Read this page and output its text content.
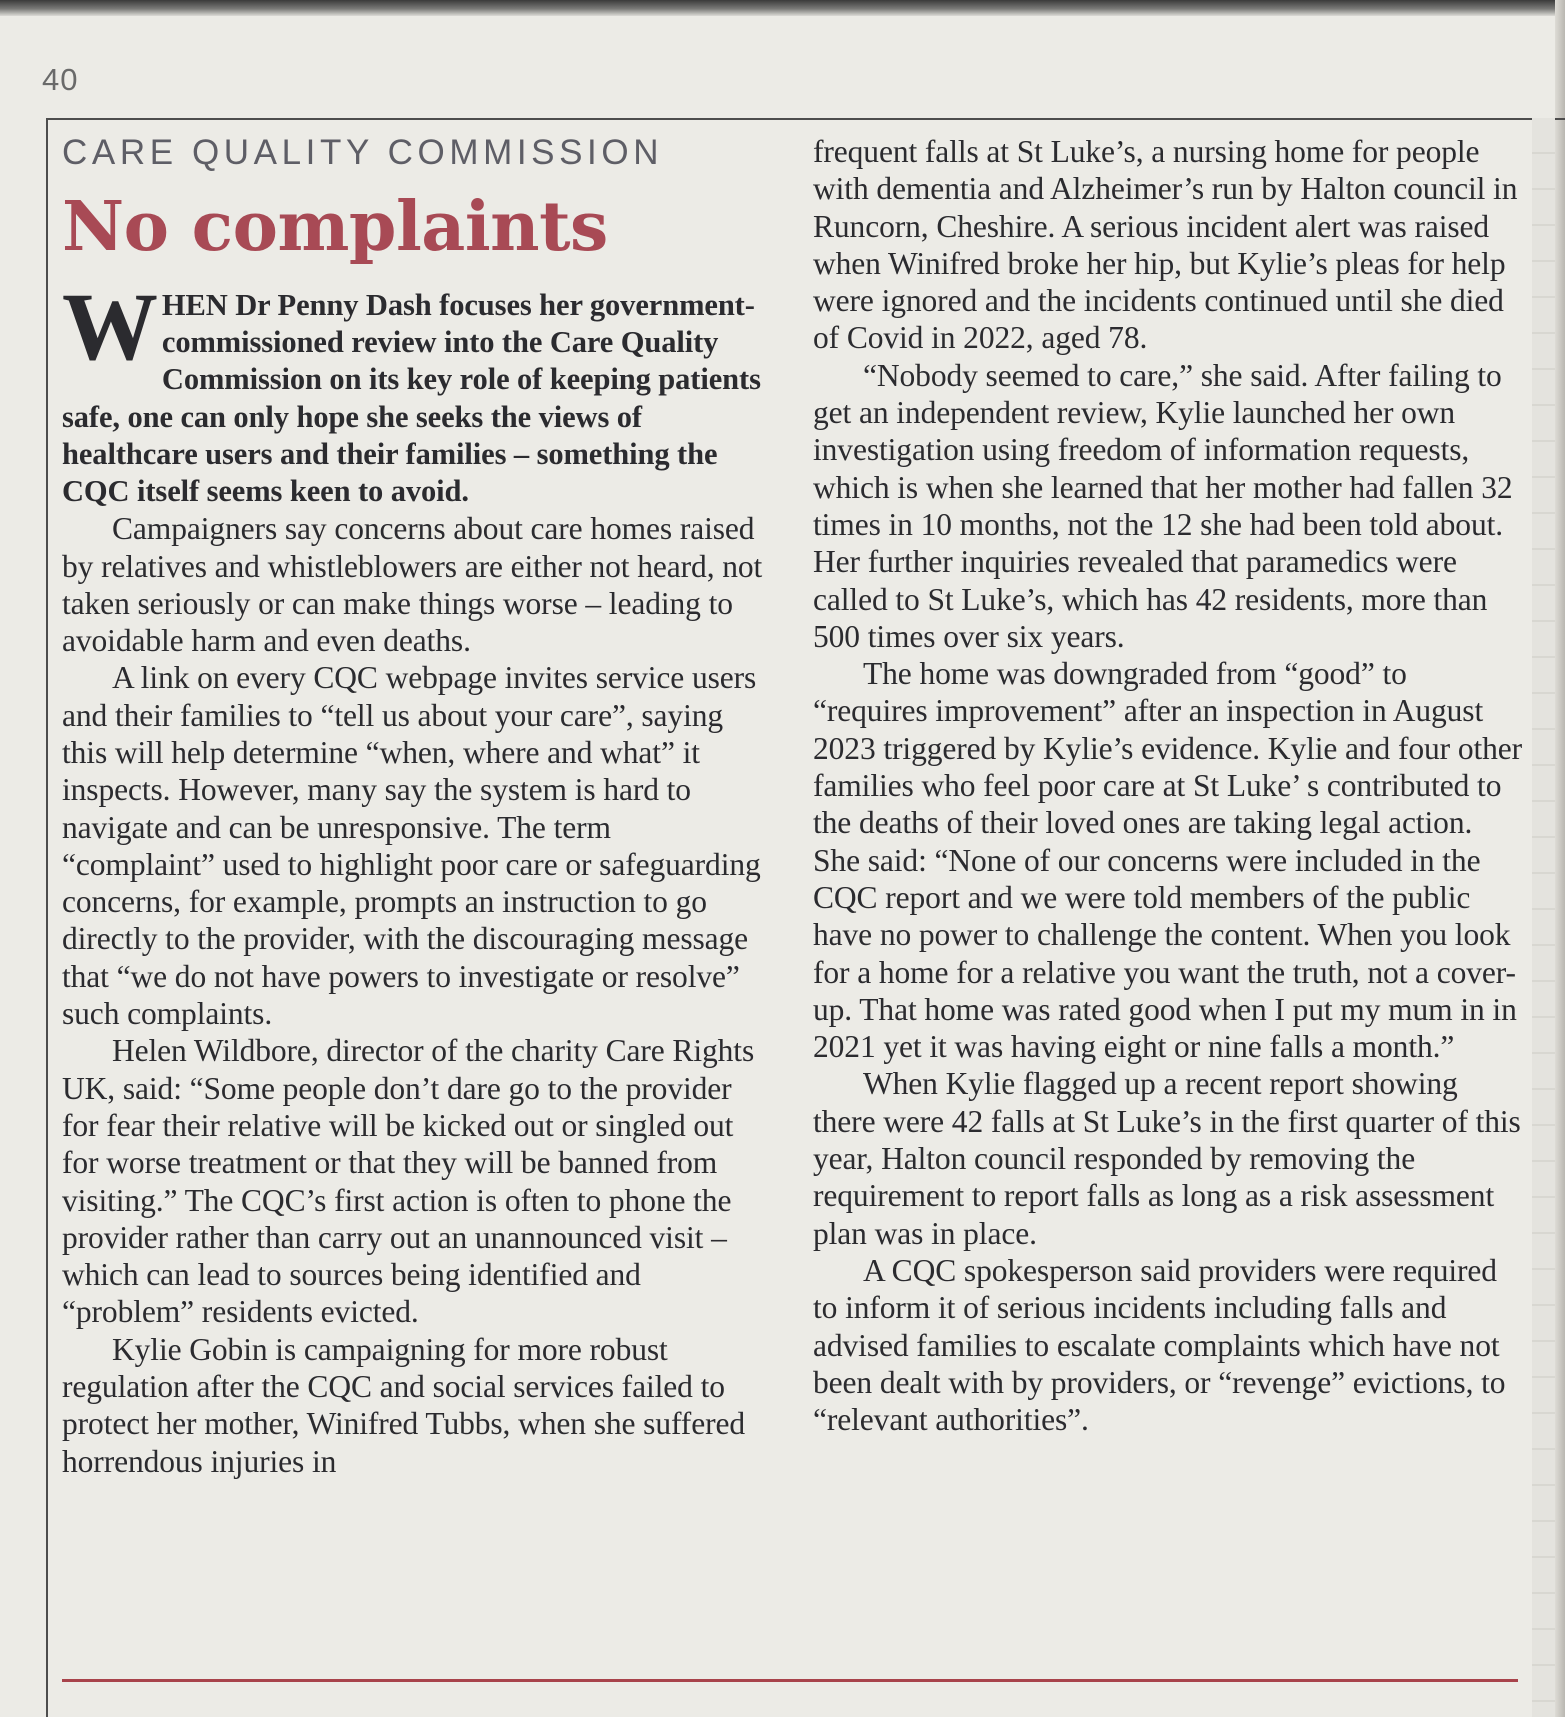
40
CARE QUALITY COMMISSION
No complaints

WHEN Dr Penny Dash focuses her government-commissioned review into the Care Quality Commission on its key role of keeping patients safe, one can only hope she seeks the views of healthcare users and their families – something the CQC itself seems keen to avoid.

Campaigners say concerns about care homes raised by relatives and whistleblowers are either not heard, not taken seriously or can make things worse – leading to avoidable harm and even deaths.

A link on every CQC webpage invites service users and their families to “tell us about your care”, saying this will help determine “when, where and what” it inspects. However, many say the system is hard to navigate and can be unresponsive. The term “complaint” used to highlight poor care or safeguarding concerns, for example, prompts an instruction to go directly to the provider, with the discouraging message that “we do not have powers to investigate or resolve” such complaints.

Helen Wildbore, director of the charity Care Rights UK, said: “Some people don’t dare go to the provider for fear their relative will be kicked out or singled out for worse treatment or that they will be banned from visiting.” The CQC’s first action is often to phone the provider rather than carry out an unannounced visit – which can lead to sources being identified and “problem” residents evicted.

Kylie Gobin is campaigning for more robust regulation after the CQC and social services failed to protect her mother, Winifred Tubbs, when she suffered horrendous injuries in

frequent falls at St Luke’s, a nursing home for people with dementia and Alzheimer’s run by Halton council in Runcorn, Cheshire. A serious incident alert was raised when Winifred broke her hip, but Kylie’s pleas for help were ignored and the incidents continued until she died of Covid in 2022, aged 78.

“Nobody seemed to care,” she said. After failing to get an independent review, Kylie launched her own investigation using freedom of information requests, which is when she learned that her mother had fallen 32 times in 10 months, not the 12 she had been told about. Her further inquiries revealed that paramedics were called to St Luke’s, which has 42 residents, more than 500 times over six years.

The home was downgraded from “good” to “requires improvement” after an inspection in August 2023 triggered by Kylie’s evidence. Kylie and four other families who feel poor care at St Luke’ s contributed to the deaths of their loved ones are taking legal action. She said: “None of our concerns were included in the CQC report and we were told members of the public have no power to challenge the content. When you look for a home for a relative you want the truth, not a cover-up. That home was rated good when I put my mum in in 2021 yet it was having eight or nine falls a month.”

When Kylie flagged up a recent report showing there were 42 falls at St Luke’s in the first quarter of this year, Halton council responded by removing the requirement to report falls as long as a risk assessment plan was in place.

A CQC spokesperson said providers were required to inform it of serious incidents including falls and advised families to escalate complaints which have not been dealt with by providers, or “revenge” evictions, to “relevant authorities”.
